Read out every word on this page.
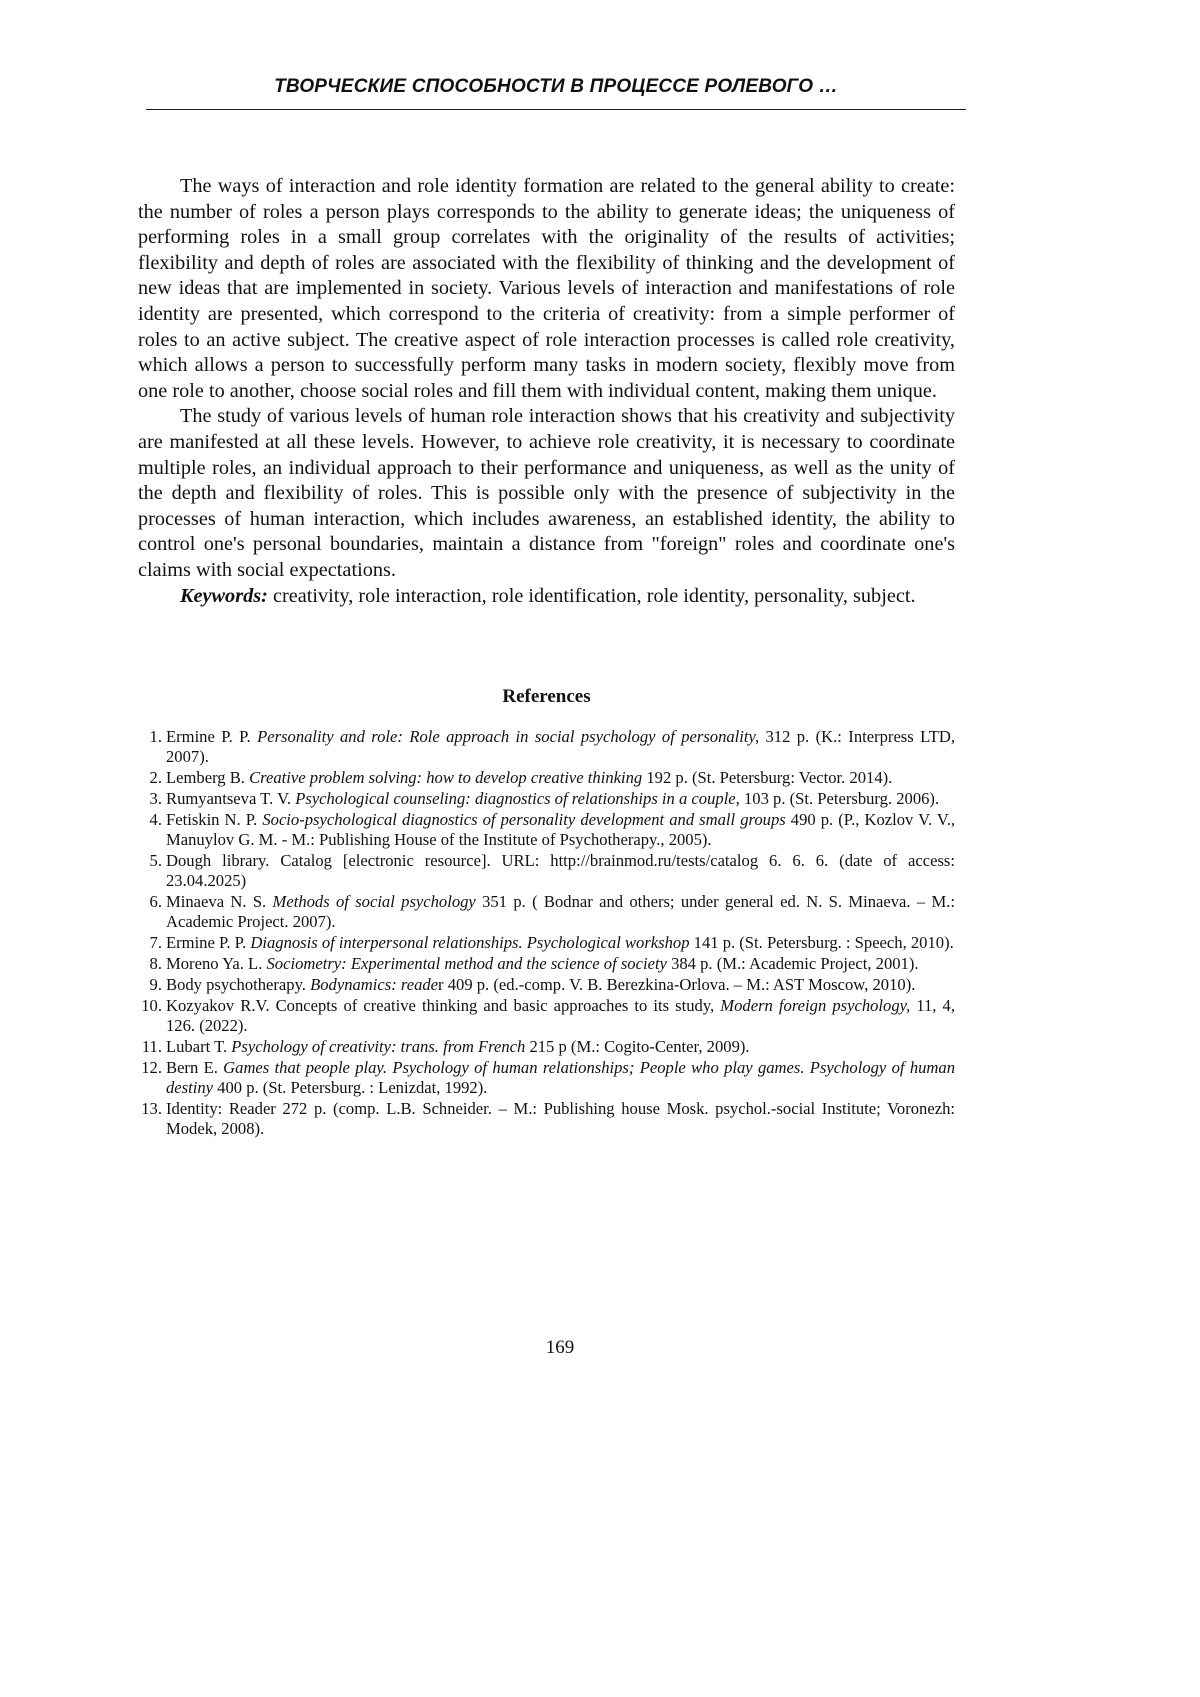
ТВОРЧЕСКИЕ СПОСОБНОСТИ В ПРОЦЕССЕ РОЛЕВОГО …

The ways of interaction and role identity formation are related to the general ability to create: the number of roles a person plays corresponds to the ability to generate ideas; the uniqueness of performing roles in a small group correlates with the originality of the results of activities; flexibility and depth of roles are associated with the flexibility of thinking and the development of new ideas that are implemented in society. Various levels of interaction and manifestations of role identity are presented, which correspond to the criteria of creativity: from a simple performer of roles to an active subject. The creative aspect of role interaction processes is called role creativity, which allows a person to successfully perform many tasks in modern society, flexibly move from one role to another, choose social roles and fill them with individual content, making them unique.

The study of various levels of human role interaction shows that his creativity and subjectivity are manifested at all these levels. However, to achieve role creativity, it is necessary to coordinate multiple roles, an individual approach to their performance and uniqueness, as well as the unity of the depth and flexibility of roles. This is possible only with the presence of subjectivity in the processes of human interaction, which includes awareness, an established identity, the ability to control one's personal boundaries, maintain a distance from "foreign" roles and coordinate one's claims with social expectations.

Keywords: creativity, role interaction, role identification, role identity, personality, subject.

References
1. Ermine P. P. Personality and role: Role approach in social psychology of personality, 312 p. (K.: Interpress LTD, 2007).
2. Lemberg B. Creative problem solving: how to develop creative thinking 192 p. (St. Petersburg: Vector. 2014).
3. Rumyantseva T. V. Psychological counseling: diagnostics of relationships in a couple, 103 p. (St. Petersburg. 2006).
4. Fetiskin N. P. Socio-psychological diagnostics of personality development and small groups 490 p. (P., Kozlov V. V., Manuylov G. M. - M.: Publishing House of the Institute of Psychotherapy., 2005).
5. Dough library. Catalog [electronic resource]. URL: http://brainmod.ru/tests/catalog 6. 6. 6. (date of access: 23.04.2025)
6. Minaeva N. S. Methods of social psychology 351 p. ( Bodnar and others; under general ed. N. S. Minaeva. – M.: Academic Project. 2007).
7. Ermine P. P. Diagnosis of interpersonal relationships. Psychological workshop 141 p. (St. Petersburg. : Speech, 2010).
8. Moreno Ya. L. Sociometry: Experimental method and the science of society 384 p. (M.: Academic Project, 2001).
9. Body psychotherapy. Bodynamics: reader 409 p. (ed.-comp. V. B. Berezkina-Orlova. – M.: AST Moscow, 2010).
10. Kozyakov R.V. Concepts of creative thinking and basic approaches to its study, Modern foreign psychology, 11, 4, 126. (2022).
11. Lubart T. Psychology of creativity: trans. from French 215 p (M.: Cogito-Center, 2009).
12. Bern E. Games that people play. Psychology of human relationships; People who play games. Psychology of human destiny 400 p. (St. Petersburg. : Lenizdat, 1992).
13. Identity: Reader 272 p. (comp. L.B. Schneider. – M.: Publishing house Mosk. psychol.-social Institute; Voronezh: Modek, 2008).
169
